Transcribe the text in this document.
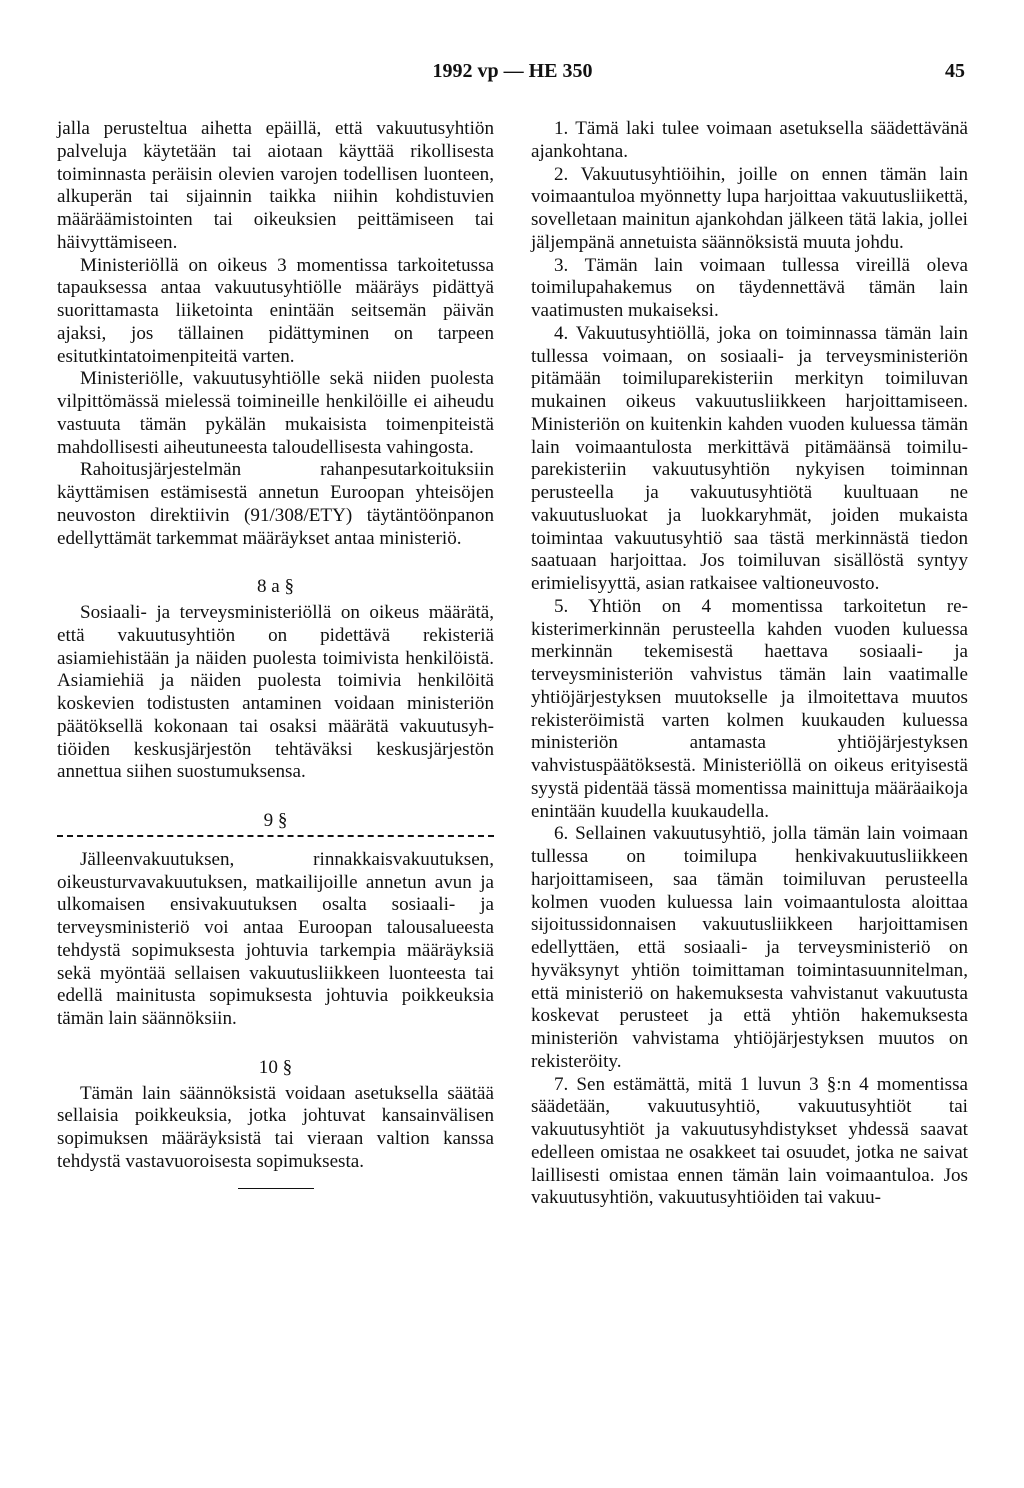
1992 vp — HE 350	45

jalla perusteltua aihetta epäillä, että vakuutusyhtiön palveluja käytetään tai aiotaan käyttää rikollisesta toiminnasta peräisin olevien varojen todellisen luonteen, alkuperän tai sijainnin taikka niihin kohdistuvien määräämistointen tai oikeuksien peittämiseen tai häivyttämiseen.

Ministeriöllä on oikeus 3 momentissa tarkoitetussa tapauksessa antaa vakuutusyhtiölle määräys pidättyä suorittamasta liiketointa enintään seitsemän päivän ajaksi, jos tällainen pidättyminen on tarpeen esitutkintatoimenpiteitä varten.

Ministeriölle, vakuutusyhtiölle sekä niiden puolesta vilpittömässä mielessä toimineille henkilöille ei aiheudu vastuuta tämän pykälän mukaisista toimenpiteistä mahdollisesti aiheutuneesta taloudellisesta vahingosta.

Rahoitusjärjestelmän rahanpesutarkoituksiin käyttämisen estämisestä annetun Euroopan yhteisöjen neuvoston direktiivin (91/308/ETY) täytäntöönpanon edellyttämät tarkemmat määräykset antaa ministeriö.

8 a §

Sosiaali- ja terveysministeriöllä on oikeus määrätä, että vakuutusyhtiön on pidettävä rekisteriä asiamiehistään ja näiden puolesta toimivista henkilöistä. Asiamiehiä ja näiden puolesta toimivia henkilöitä koskevien todistusten antaminen voidaan ministeriön päätöksellä kokonaan tai osaksi määrätä vakuutusyhtiöiden keskusjärjestön tehtäväksi keskusjärjestön annettua siihen suostumuksensa.

9 §

Jälleenvakuutuksen, rinnakkaisvakuutuksen, oikeusturvavakuutuksen, matkailijoille annetun avun ja ulkomaisen ensivakuutuksen osalta sosiaali- ja terveysministeriö voi antaa Euroopan talousalueesta tehdystä sopimuksesta johtuvia tarkempia määräyksiä sekä myöntää sellaisen vakuutusliikkeen luonteesta tai edellä mainitusta sopimuksesta johtuvia poikkeuksia tämän lain säännöksiin.

10 §

Tämän lain säännöksistä voidaan asetuksella säätää sellaisia poikkeuksia, jotka johtuvat kansainvälisen sopimuksen määräyksistä tai vieraan valtion kanssa tehdystä vastavuoroisesta sopimuksesta.

1. Tämä laki tulee voimaan asetuksella säädettävänä ajankohtana.

2. Vakuutusyhtiöihin, joille on ennen tämän lain voimaantuloa myönnetty lupa harjoittaa vakuutusliikettä, sovelletaan mainitun ajankohdan jälkeen tätä lakia, jollei jäljempänä annetuista säännöksistä muuta johdu.

3. Tämän lain voimaan tullessa vireillä oleva toimilupahakemus on täydennettävä tämän lain vaatimusten mukaiseksi.

4. Vakuutusyhtiöllä, joka on toiminnassa tämän lain tullessa voimaan, on sosiaali- ja terveysministeriön pitämään toimiluparekisteriin merkityn toimiluvan mukainen oikeus vakuutusliikkeen harjoittamiseen. Ministeriön on kuitenkin kahden vuoden kuluessa tämän lain voimaantulosta merkittävä pitämäänsä toimiluparekisteriin vakuutusyhtiön nykyisen toiminnan perusteella ja vakuutusyhtiötä kuultuaan ne vakuutusluokat ja luokkaryhmät, joiden mukaista toimintaa vakuutusyhtiö saa tästä merkinnästä tiedon saatuaan harjoittaa. Jos toimiluvan sisällöstä syntyy erimielisyyttä, asian ratkaisee valtioneuvosto.

5. Yhtiön on 4 momentissa tarkoitetun rekisterimerkinnän perusteella kahden vuoden kuluessa merkinnän tekemisestä haettava sosiaali- ja terveysministeriön vahvistus tämän lain vaatimalle yhtiöjärjestyksen muutokselle ja ilmoitettava muutos rekisteröimistä varten kolmen kuukauden kuluessa ministeriön antamasta yhtiöjärjestyksen vahvistuspäätöksestä. Ministeriöllä on oikeus erityisestä syystä pidentää tässä momentissa mainittuja määräaikoja enintään kuudella kuukaudella.

6. Sellainen vakuutusyhtiö, jolla tämän lain voimaan tullessa on toimilupa henkivakuutusliikkeen harjoittamiseen, saa tämän toimiluvan perusteella kolmen vuoden kuluessa lain voimaantulosta aloittaa sijoitussidonnaisen vakuutusliikkeen harjoittamisen edellyttäen, että sosiaali- ja terveysministeriö on hyväksynyt yhtiön toimittaman toimintasuunnitelman, että ministeriö on hakemuksesta vahvistanut vakuutusta koskevat perusteet ja että yhtiön hakemuksesta ministeriön vahvistama yhtiöjärjestyksen muutos on rekisteröity.

7. Sen estämättä, mitä 1 luvun 3 §:n 4 momentissa säädetään, vakuutusyhtiö, vakuutusyhtiöt tai vakuutusyhtiöt ja vakuutusyhdistykset yhdessä saavat edelleen omistaa ne osakkeet tai osuudet, jotka ne saivat laillisesti omistaa ennen tämän lain voimaantuloa. Jos vakuutusyhtiön, vakuutusyhtiöiden tai vakuu-
